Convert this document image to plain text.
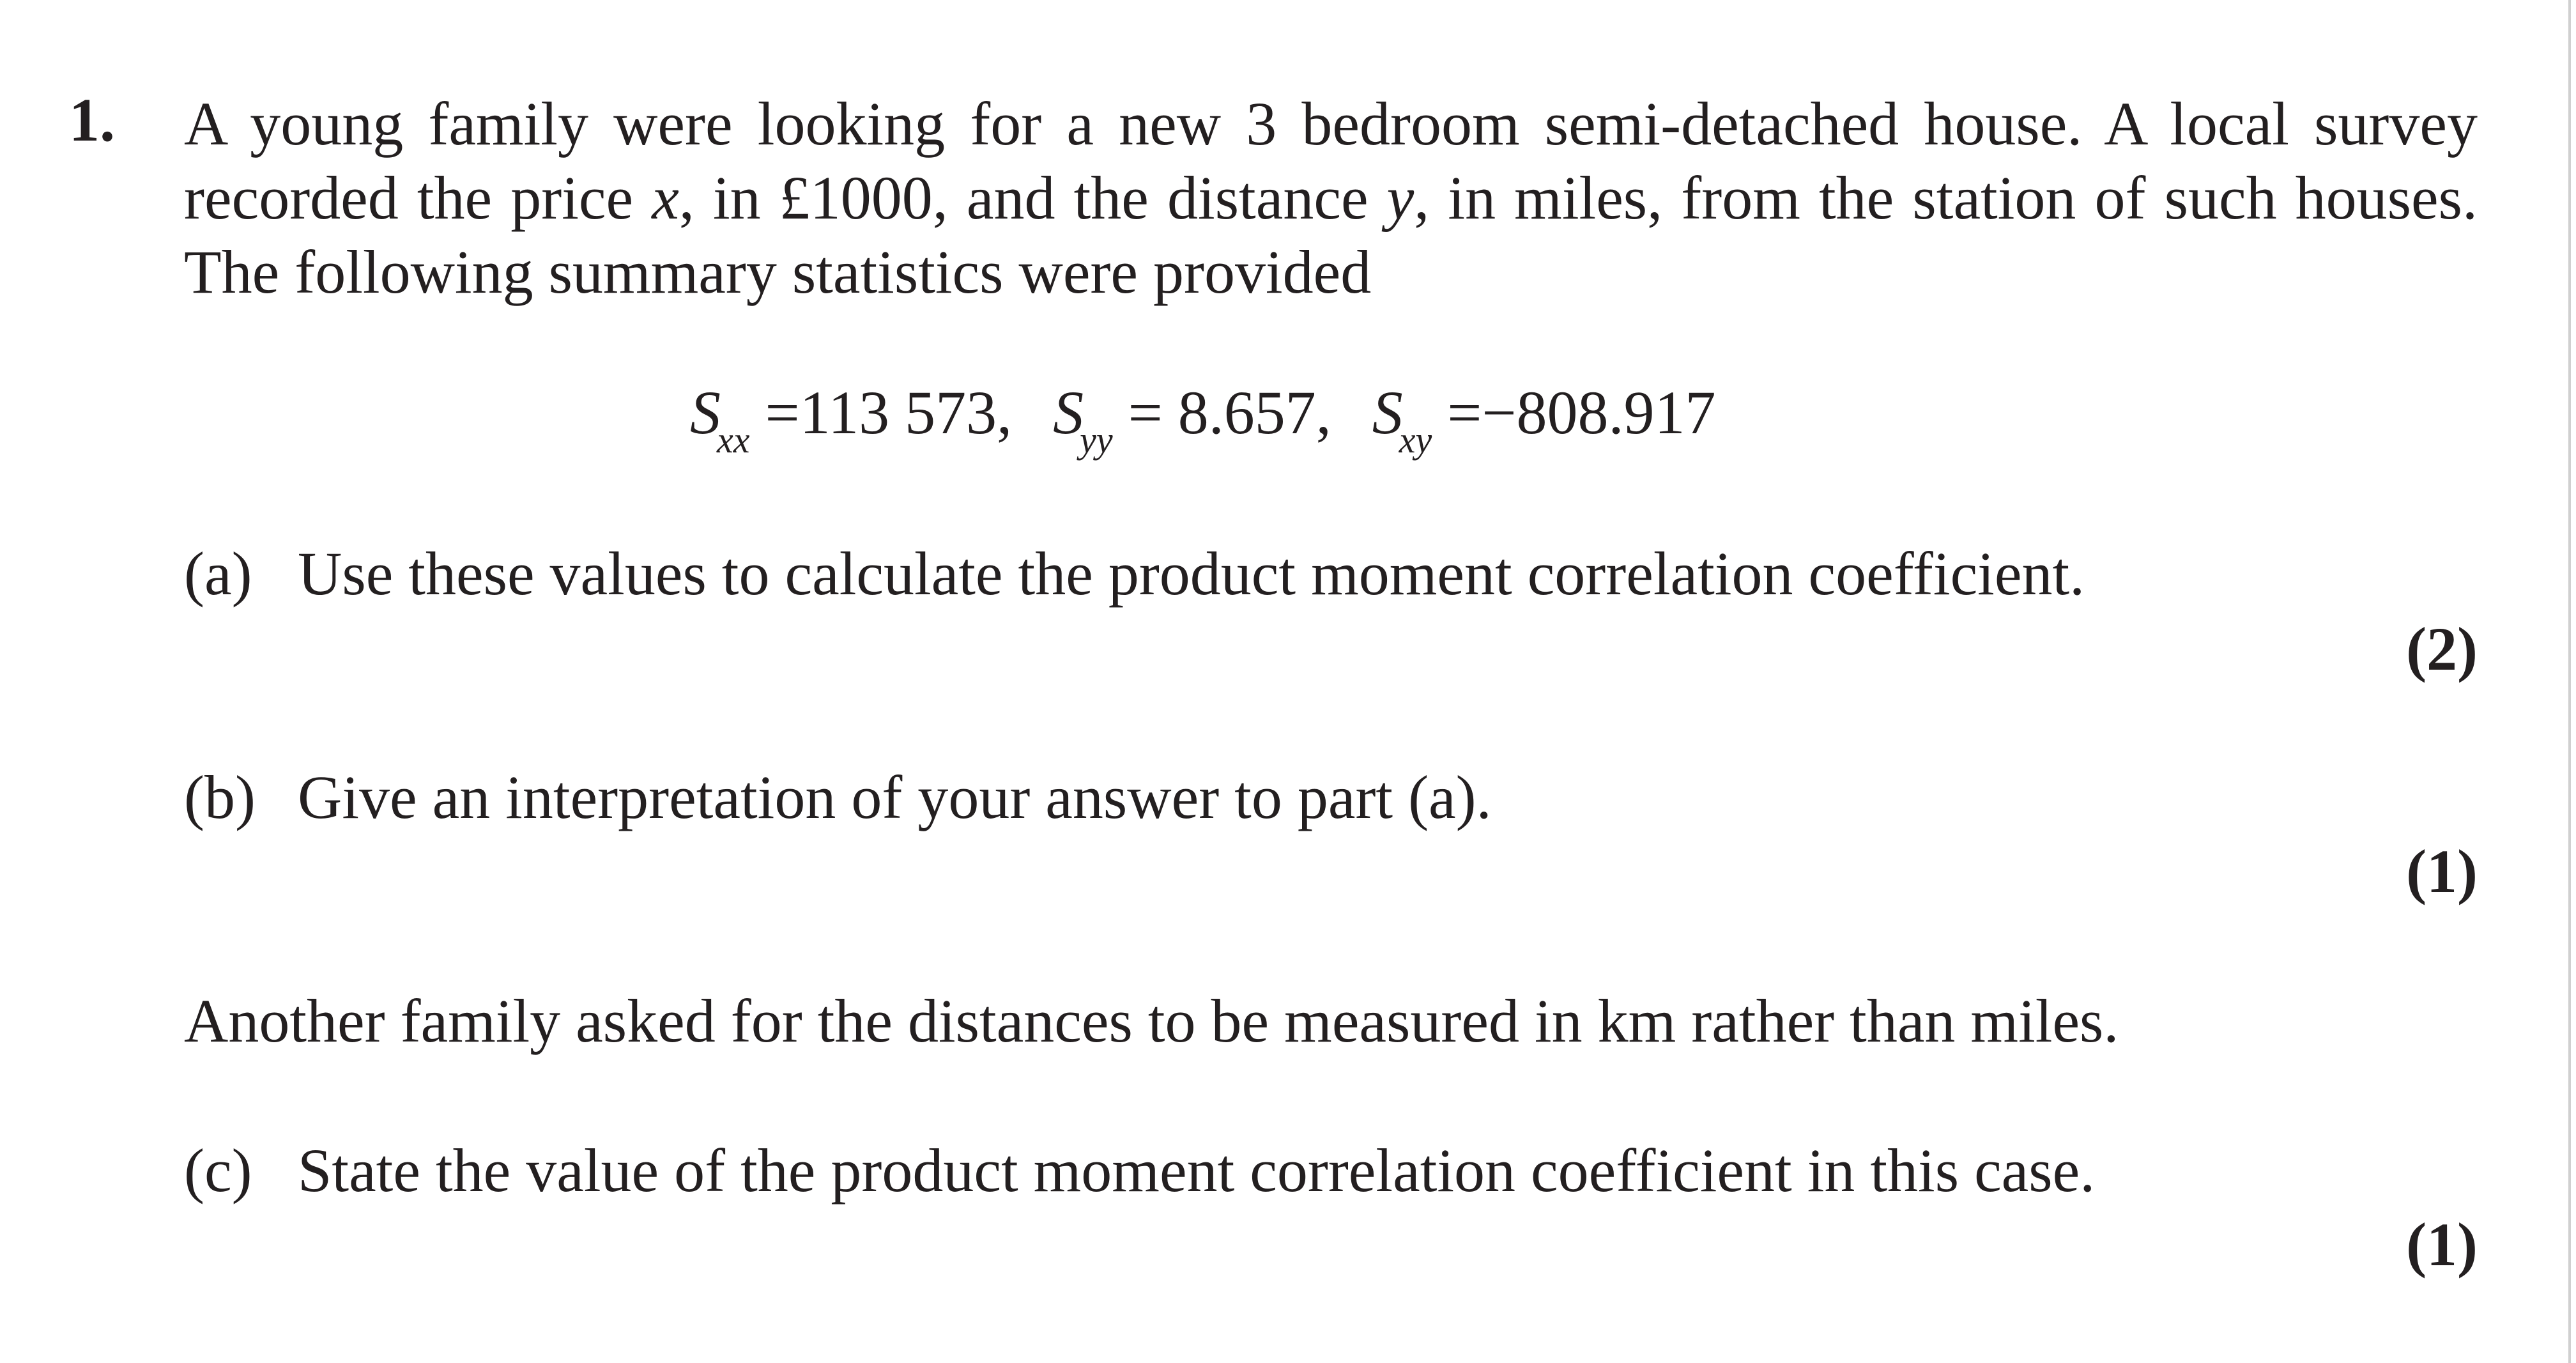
1. A young family were looking for a new 3 bedroom semi-detached house. A local survey
recorded the price x, in £1000, and the distance y, in miles, from the station of such houses.
The following summary statistics were provided
$S_{xx} =113$ 573, $S_{yy} = 8.657$, $S_{xy} =-808.917$
(a) Use these values to calculate the product moment correlation coefficient.
(2)
(b) Give an interpretation of your answer to part (a).
(1)
Another family asked for the distances to be measured in km rather than miles.
(c) State the value of the product moment correlation coefficient in this case.
(1)
